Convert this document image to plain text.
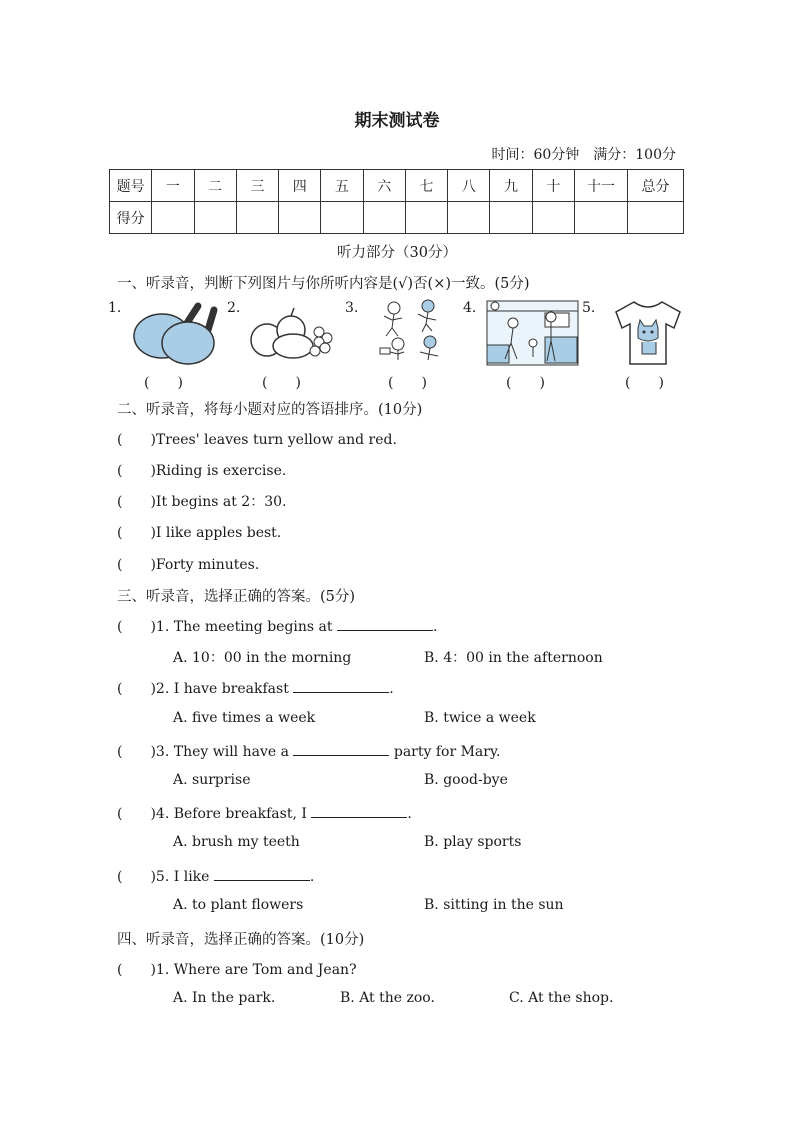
期末测试卷
时间：60分钟　满分：100分
题号	一	二	三	四	五	六	七	八	九	十	十一	总分
得分												
听力部分（30分）
一、听录音，判断下列图片与你所听内容是(√)否(×)一致。(5分)
1.
(　　)
2.
(　　)
3.
(　　)
4.
(　　)
5.
(　　)
二、听录音，将每小题对应的答语排序。(10分)
(　　)Trees' leaves turn yellow and red.
(　　)Riding is exercise.
(　　)It begins at 2：30.
(　　)I like apples best.
(　　)Forty minutes.
三、听录音，选择正确的答案。(5分)
(　　)1. The meeting begins at	.
A. 10：00 in the morning	B. 4：00 in the afternoon
(　　)2. I have breakfast	.
A. five times a week	B. twice a week
(　　)3. They will have a	party for Mary.
A. surprise	B. good-bye
(　　)4. Before breakfast, I	.
A. brush my teeth	B. play sports
(　　)5. I like	.
A. to plant flowers	B. sitting in the sun
四、听录音，选择正确的答案。(10分)
(　　)1. Where are Tom and Jean?
A. In the park.	B. At the zoo.	C. At the shop.
